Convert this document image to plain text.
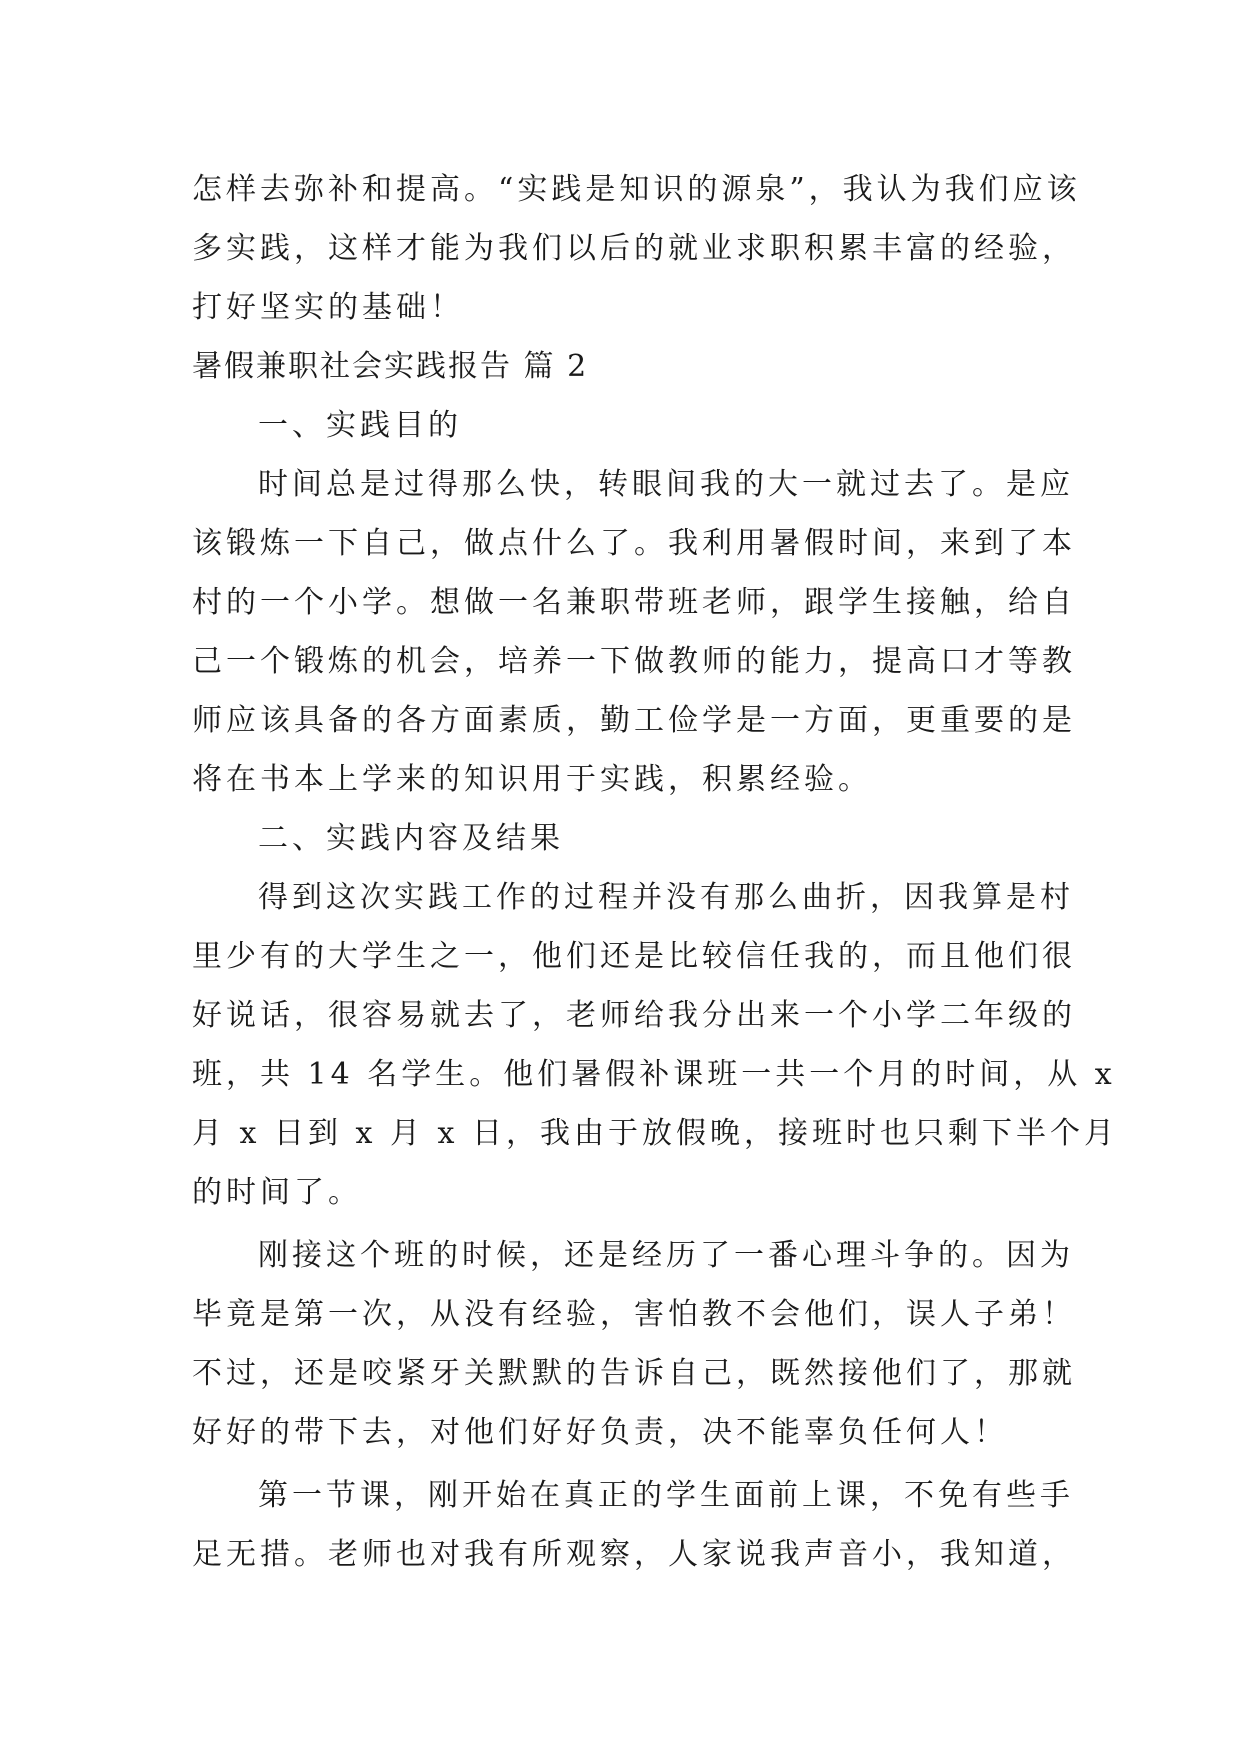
怎样去弥补和提高。“实践是知识的源泉”，我认为我们应该
多实践，这样才能为我们以后的就业求职积累丰富的经验，
打好坚实的基础！
暑假兼职社会实践报告 篇 2
一、实践目的
时间总是过得那么快，转眼间我的大一就过去了。是应
该锻炼一下自己，做点什么了。我利用暑假时间，来到了本
村的一个小学。想做一名兼职带班老师，跟学生接触，给自
己一个锻炼的机会，培养一下做教师的能力，提高口才等教
师应该具备的各方面素质，勤工俭学是一方面，更重要的是
将在书本上学来的知识用于实践，积累经验。
二、实践内容及结果
得到这次实践工作的过程并没有那么曲折，因我算是村
里少有的大学生之一，他们还是比较信任我的，而且他们很
好说话，很容易就去了，老师给我分出来一个小学二年级的
班，共 14 名学生。他们暑假补课班一共一个月的时间，从 x
月 x 日到 x 月 x 日，我由于放假晚，接班时也只剩下半个月
的时间了。
刚接这个班的时候，还是经历了一番心理斗争的。因为
毕竟是第一次，从没有经验，害怕教不会他们，误人子弟！
不过，还是咬紧牙关默默的告诉自己，既然接他们了，那就
好好的带下去，对他们好好负责，决不能辜负任何人！
第一节课，刚开始在真正的学生面前上课，不免有些手
足无措。老师也对我有所观察，人家说我声音小，我知道，
